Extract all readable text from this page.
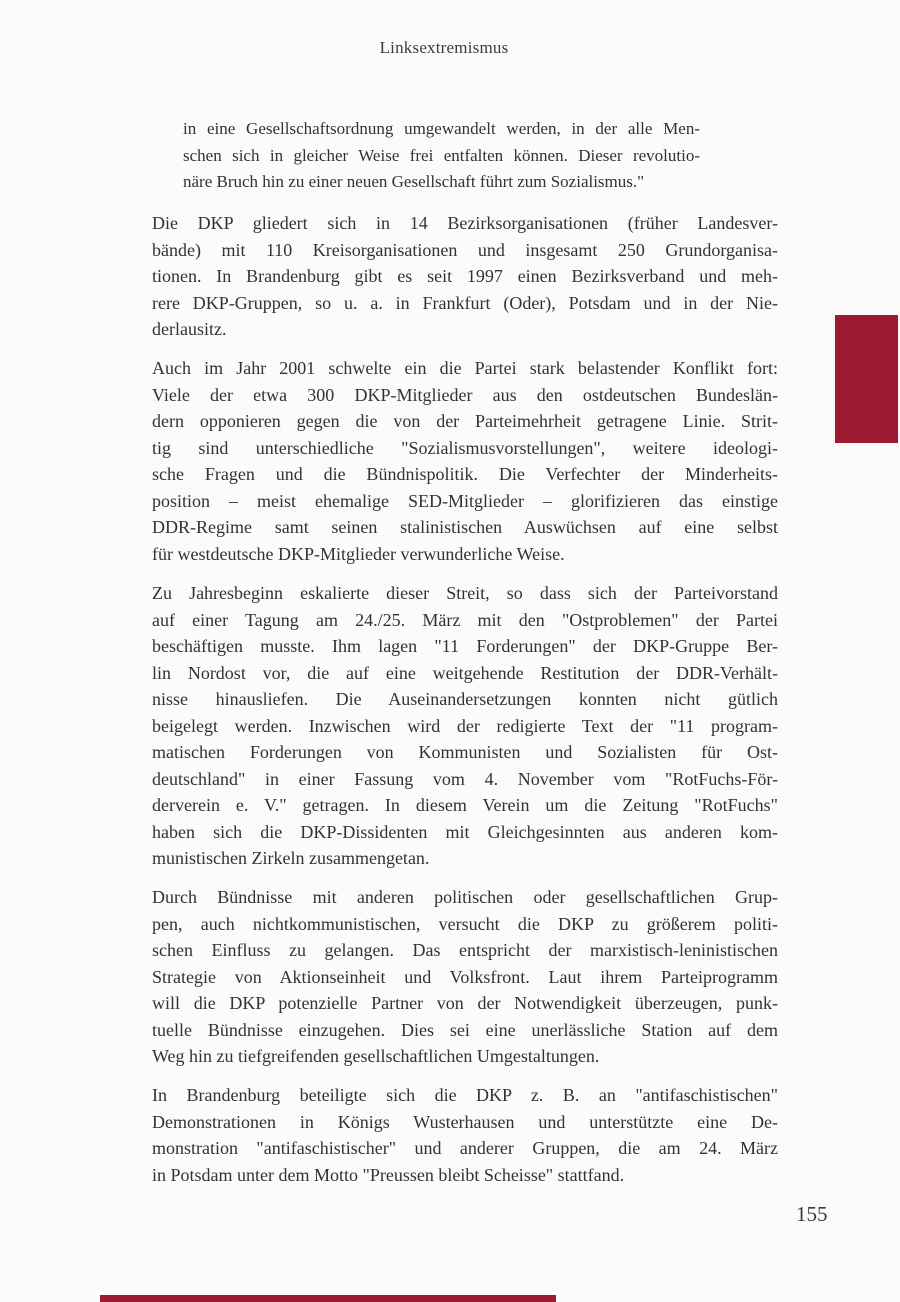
Linksextremismus
in eine Gesellschaftsordnung umgewandelt werden, in der alle Men-
schen sich in gleicher Weise frei entfalten können. Dieser revolutio-
näre Bruch hin zu einer neuen Gesellschaft führt zum Sozialismus."
Die DKP gliedert sich in 14 Bezirksorganisationen (früher Landesver-
bände) mit 110 Kreisorganisationen und insgesamt 250 Grundorganisa-
tionen. In Brandenburg gibt es seit 1997 einen Bezirksverband und meh-
rere DKP-Gruppen, so u. a. in Frankfurt (Oder), Potsdam und in der Nie-
derlausitz.
Auch im Jahr 2001 schwelte ein die Partei stark belastender Konflikt fort:
Viele der etwa 300 DKP-Mitglieder aus den ostdeutschen Bundeslän-
dern opponieren gegen die von der Parteimehrheit getragene Linie. Strit-
tig sind unterschiedliche "Sozialismusvorstellungen", weitere ideologi-
sche Fragen und die Bündnispolitik. Die Verfechter der Minderheits-
position – meist ehemalige SED-Mitglieder – glorifizieren das einstige
DDR-Regime samt seinen stalinistischen Auswüchsen auf eine selbst
für westdeutsche DKP-Mitglieder verwunderliche Weise.
Zu Jahresbeginn eskalierte dieser Streit, so dass sich der Parteivorstand
auf einer Tagung am 24./25. März mit den "Ostproblemen" der Partei
beschäftigen musste. Ihm lagen "11 Forderungen" der DKP-Gruppe Ber-
lin Nordost vor, die auf eine weitgehende Restitution der DDR-Verhält-
nisse hinausliefen. Die Auseinandersetzungen konnten nicht gütlich
beigelegt werden. Inzwischen wird der redigierte Text der "11 program-
matischen Forderungen von Kommunisten und Sozialisten für Ost-
deutschland" in einer Fassung vom 4. November vom "RotFuchs-För-
derverein e. V." getragen. In diesem Verein um die Zeitung "RotFuchs"
haben sich die DKP-Dissidenten mit Gleichgesinnten aus anderen kom-
munistischen Zirkeln zusammengetan.
Durch Bündnisse mit anderen politischen oder gesellschaftlichen Grup-
pen, auch nichtkommunistischen, versucht die DKP zu größerem politi-
schen Einfluss zu gelangen. Das entspricht der marxistisch-leninistischen
Strategie von Aktionseinheit und Volksfront. Laut ihrem Parteiprogramm
will die DKP potenzielle Partner von der Notwendigkeit überzeugen, punk-
tuelle Bündnisse einzugehen. Dies sei eine unerlässliche Station auf dem
Weg hin zu tiefgreifenden gesellschaftlichen Umgestaltungen.
In Brandenburg beteiligte sich die DKP z. B. an "antifaschistischen"
Demonstrationen in Königs Wusterhausen und unterstützte eine De-
monstration "antifaschistischer" und anderer Gruppen, die am 24. März
in Potsdam unter dem Motto "Preussen bleibt Scheisse" stattfand.
155
